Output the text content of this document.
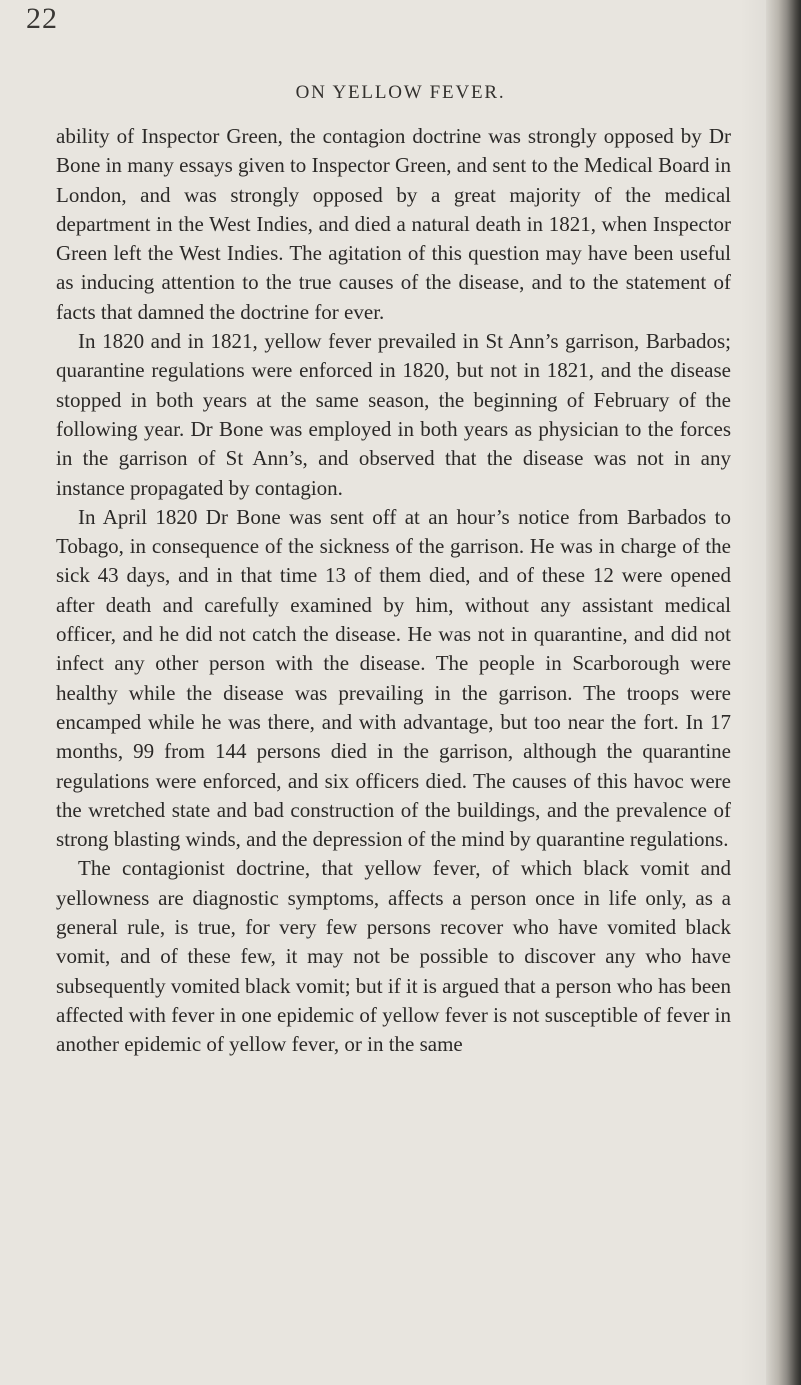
22
ON YELLOW FEVER.

ability of Inspector Green, the contagion doctrine was strongly opposed by Dr Bone in many essays given to Inspector Green, and sent to the Medical Board in London, and was strongly opposed by a great majority of the medical department in the West Indies, and died a natural death in 1821, when Inspector Green left the West Indies. The agitation of this question may have been useful as inducing attention to the true causes of the disease, and to the statement of facts that damned the doctrine for ever.

In 1820 and in 1821, yellow fever prevailed in St Ann’s garrison, Barbados; quarantine regulations were enforced in 1820, but not in 1821, and the disease stopped in both years at the same season, the beginning of February of the following year. Dr Bone was employed in both years as physician to the forces in the garrison of St Ann’s, and observed that the disease was not in any instance propagated by contagion.

In April 1820 Dr Bone was sent off at an hour’s notice from Barbados to Tobago, in consequence of the sickness of the garrison. He was in charge of the sick 43 days, and in that time 13 of them died, and of these 12 were opened after death and carefully examined by him, without any assistant medical officer, and he did not catch the disease. He was not in quarantine, and did not infect any other person with the disease. The people in Scarborough were healthy while the disease was prevailing in the garrison. The troops were encamped while he was there, and with advantage, but too near the fort. In 17 months, 99 from 144 persons died in the garrison, although the quarantine regulations were enforced, and six officers died. The causes of this havoc were the wretched state and bad construction of the buildings, and the prevalence of strong blasting winds, and the depression of the mind by quarantine regulations.

The contagionist doctrine, that yellow fever, of which black vomit and yellowness are diagnostic symptoms, affects a person once in life only, as a general rule, is true, for very few persons recover who have vomited black vomit, and of these few, it may not be possible to discover any who have subsequently vomited black vomit; but if it is argued that a person who has been affected with fever in one epidemic of yellow fever is not susceptible of fever in another epidemic of yellow fever, or in the same
